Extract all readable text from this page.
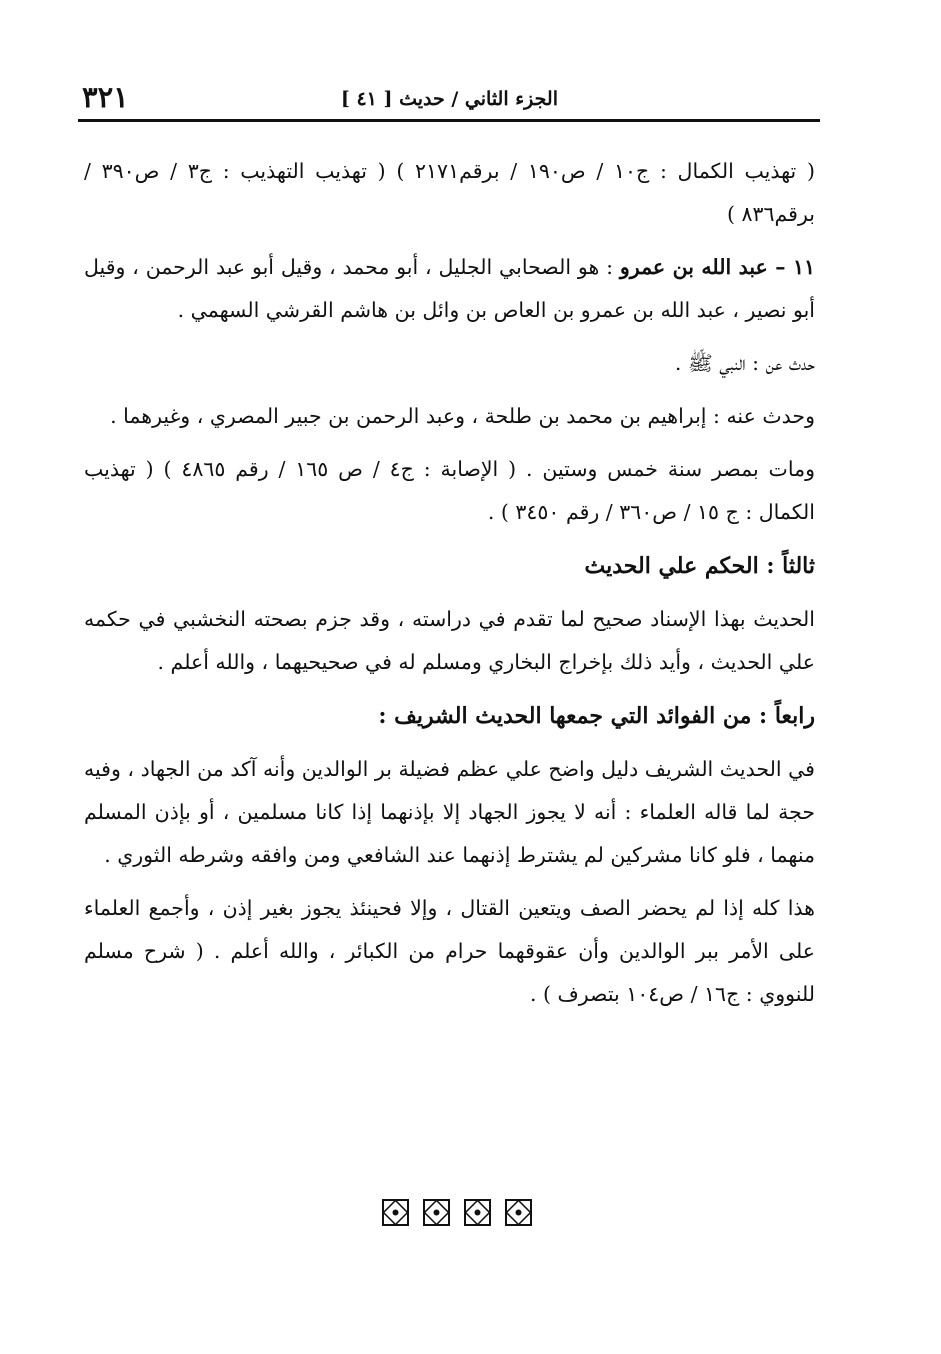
٣٢١	الجزء الثاني / حديث [ ٤١ ]

( تهذيب الكمال : ج١٠ / ص١٩٠ / برقم٢١٧١ ) ( تهذيب التهذيب : ج٣ / ص٣٩٠ / برقم٨٣٦ )

١١ – عبد الله بن عمرو : هو الصحابي الجليل ، أبو محمد ، وقيل أبو عبد الرحمن ، وقيل أبو نصير ، عبد الله بن عمرو بن العاص بن وائل بن هاشم القرشي السهمي .

حدث عن : النبي ﷺ .

وحدث عنه : إبراهيم بن محمد بن طلحة ، وعبد الرحمن بن جبير المصري ، وغيرهما .

ومات بمصر سنة خمس وستين . ( الإصابة : ج٤ / ص ١٦٥ / رقم ٤٨٦٥ ) ( تهذيب الكمال : ج ١٥ / ص٣٦٠ / رقم ٣٤٥٠ ) .

ثالثاً : الحكم علي الحديث

الحديث بهذا الإسناد صحيح لما تقدم في دراسته ، وقد جزم بصحته النخشبي في حكمه علي الحديث ، وأيد ذلك بإخراج البخاري ومسلم له في صحيحيهما ، والله أعلم .

رابعاً : من الفوائد التي جمعها الحديث الشريف :

في الحديث الشريف دليل واضح علي عظم فضيلة بر الوالدين وأنه آكد من الجهاد ، وفيه حجة لما قاله العلماء : أنه لا يجوز الجهاد إلا بإذنهما إذا كانا مسلمين ، أو بإذن المسلم منهما ، فلو كانا مشركين لم يشترط إذنهما عند الشافعي ومن وافقه وشرطه الثوري .

هذا كله إذا لم يحضر الصف ويتعين القتال ، وإلا فحينئذ يجوز بغير إذن ، وأجمع العلماء على الأمر ببر الوالدين وأن عقوقهما حرام من الكبائر ، والله أعلم . ( شرح مسلم للنووي : ج١٦ / ص١٠٤ بتصرف ) .
